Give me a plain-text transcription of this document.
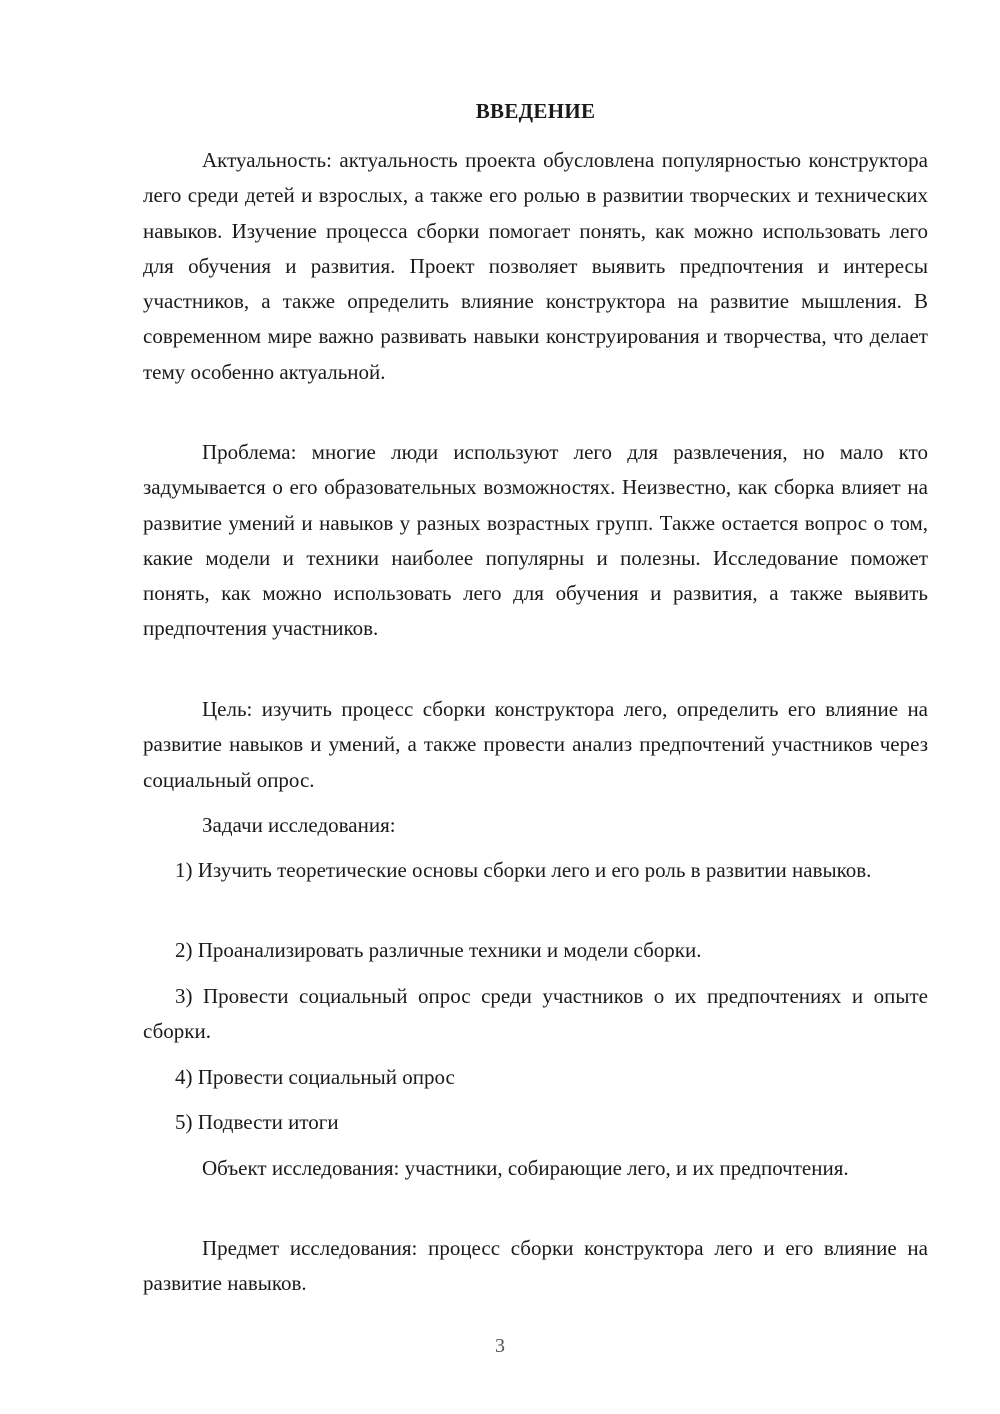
ВВЕДЕНИЕ

Актуальность: актуальность проекта обусловлена популярностью конструктора лего среди детей и взрослых, а также его ролью в развитии творческих и технических навыков. Изучение процесса сборки помогает понять, как можно использовать лего для обучения и развития. Проект позволяет выявить предпочтения и интересы участников, а также определить влияние конструктора на развитие мышления. В современном мире важно развивать навыки конструирования и творчества, что делает тему особенно актуальной.

Проблема: многие люди используют лего для развлечения, но мало кто задумывается о его образовательных возможностях. Неизвестно, как сборка влияет на развитие умений и навыков у разных возрастных групп. Также остается вопрос о том, какие модели и техники наиболее популярны и полезны. Исследование поможет понять, как можно использовать лего для обучения и развития, а также выявить предпочтения участников.

Цель: изучить процесс сборки конструктора лего, определить его влияние на развитие навыков и умений, а также провести анализ предпочтений участников через социальный опрос.

Задачи исследования:

1) Изучить теоретические основы сборки лего и его роль в развитии навыков.

2) Проанализировать различные техники и модели сборки.

3) Провести социальный опрос среди участников о их предпочтениях и опыте сборки.

4) Провести социальный опрос

5) Подвести итоги

Объект исследования: участники, собирающие лего, и их предпочтения.

Предмет исследования: процесс сборки конструктора лего и его влияние на развитие навыков.

3
